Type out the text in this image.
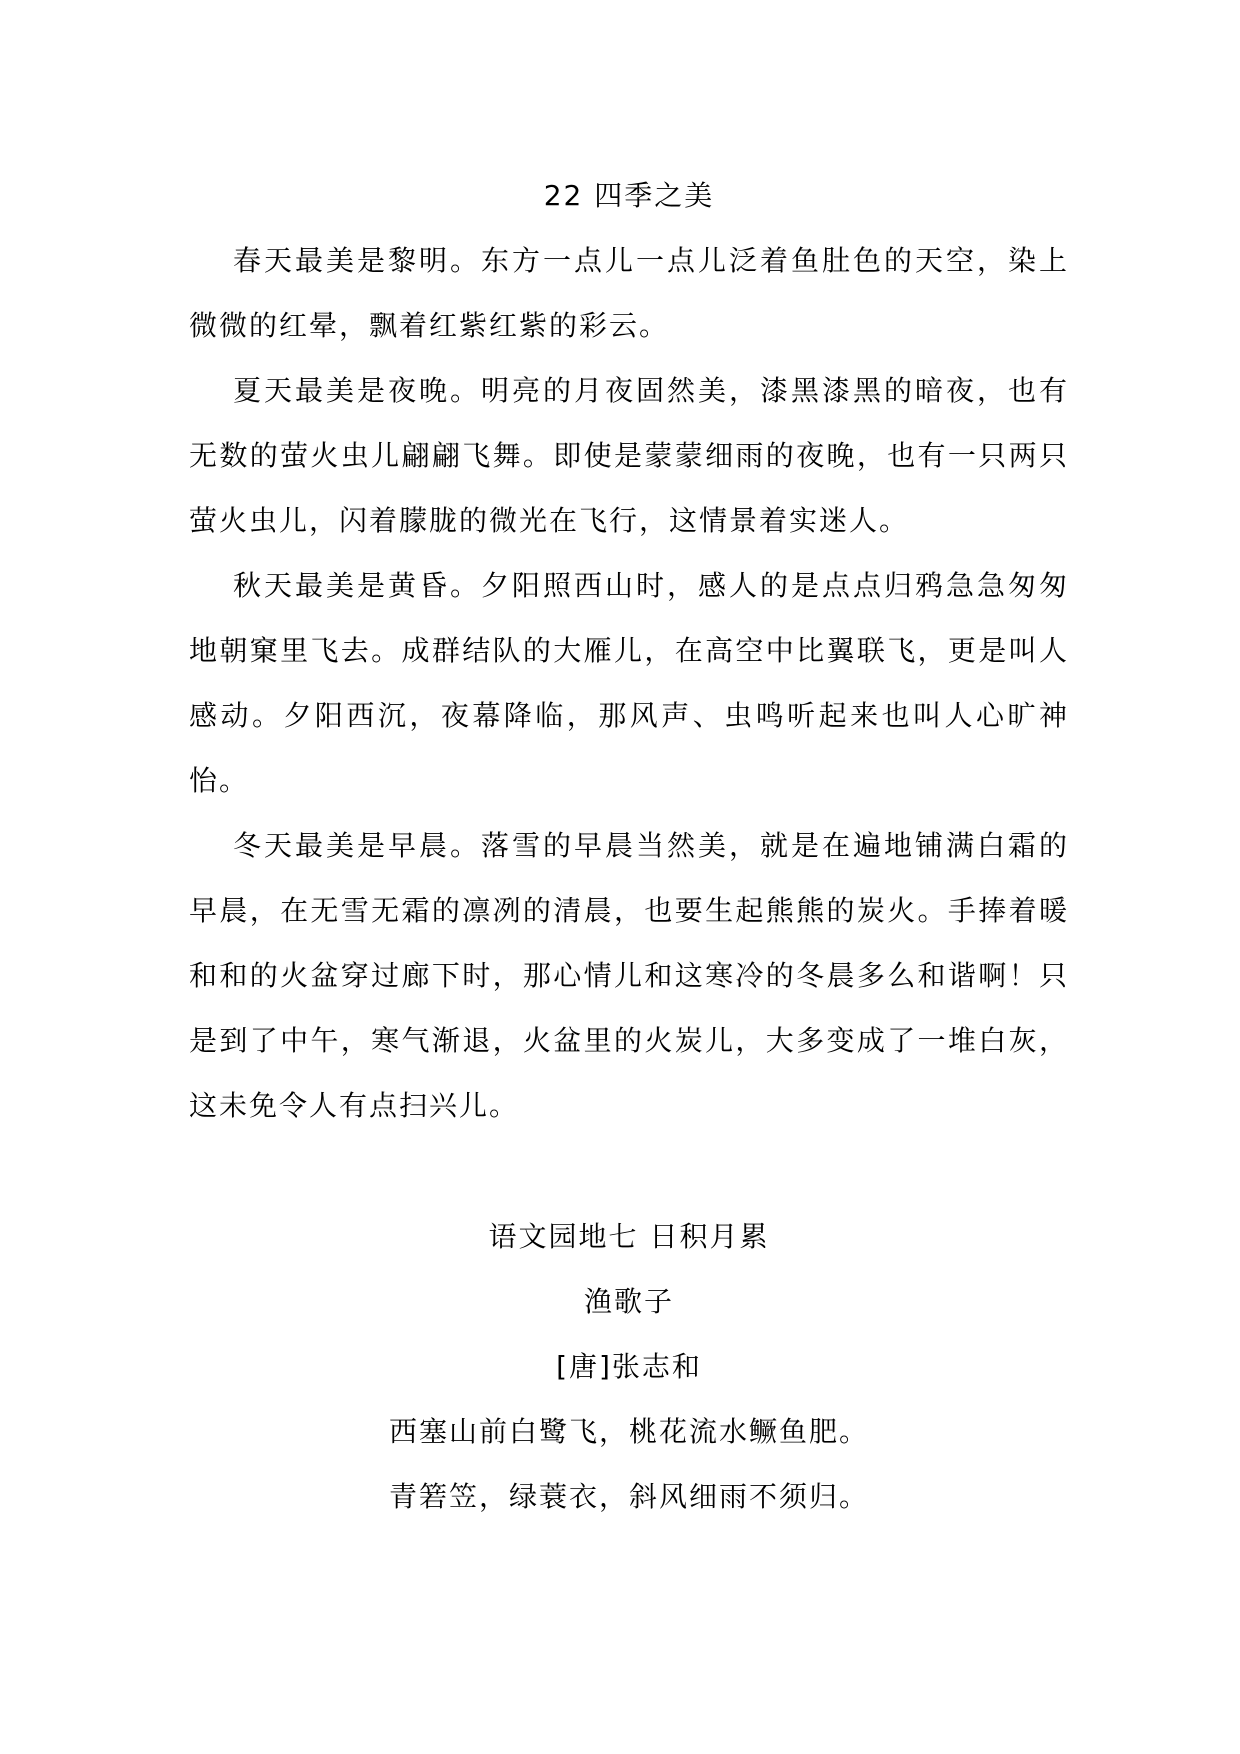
22 四季之美

春天最美是黎明。东方一点儿一点儿泛着鱼肚色的天空，染上微微的红晕，飘着红紫红紫的彩云。

夏天最美是夜晚。明亮的月夜固然美，漆黑漆黑的暗夜，也有无数的萤火虫儿翩翩飞舞。即使是蒙蒙细雨的夜晚，也有一只两只萤火虫儿，闪着朦胧的微光在飞行，这情景着实迷人。

秋天最美是黄昏。夕阳照西山时，感人的是点点归鸦急急匆匆地朝窠里飞去。成群结队的大雁儿，在高空中比翼联飞，更是叫人感动。夕阳西沉，夜幕降临，那风声、虫鸣听起来也叫人心旷神怡。

冬天最美是早晨。落雪的早晨当然美，就是在遍地铺满白霜的早晨，在无雪无霜的凛冽的清晨，也要生起熊熊的炭火。手捧着暖和和的火盆穿过廊下时，那心情儿和这寒冷的冬晨多么和谐啊！只是到了中午，寒气渐退，火盆里的火炭儿，大多变成了一堆白灰，这未免令人有点扫兴儿。

语文园地七 日积月累

渔歌子

[唐]张志和

西塞山前白鹭飞，桃花流水鳜鱼肥。

青箬笠，绿蓑衣，斜风细雨不须归。
